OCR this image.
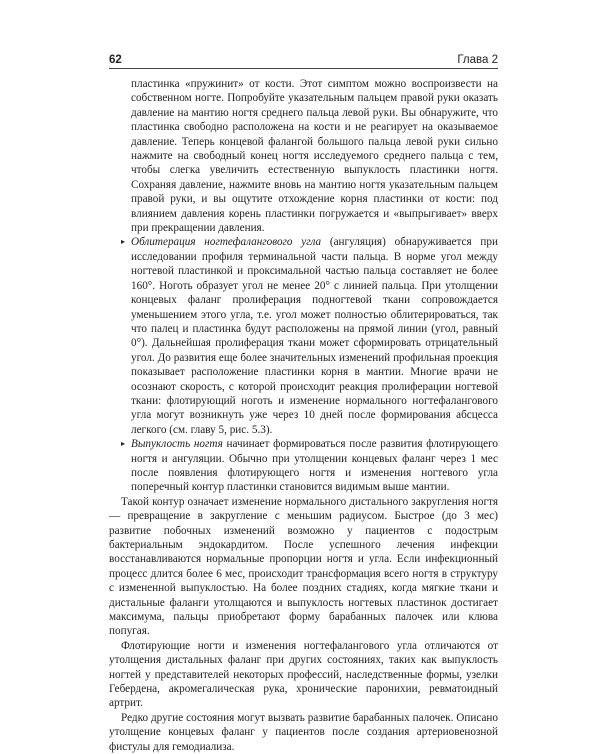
62	Глава 2

пластинка «пружинит» от кости. Этот симптом можно воспроизвести на собственном ногте. Попробуйте указательным пальцем правой руки оказать давление на мантию ногтя среднего пальца левой руки. Вы обнаружите, что пластинка свободно расположена на кости и не реагирует на оказываемое давление. Теперь концевой фалангой большого пальца левой руки сильно нажмите на свободный конец ногтя исследуемого среднего пальца с тем, чтобы слегка увеличить естественную выпуклость пластинки ногтя. Сохраняя давление, нажмите вновь на мантию ногтя указательным пальцем правой руки, и вы ощутите отхождение корня пластинки от кости: под влиянием давления корень пластинки погружается и «выпрыгивает» вверх при прекращении давления.

▸ Облитерация ногтефалангового угла (ангуляция) обнаруживается при исследовании профиля терминальной части пальца. В норме угол между ногтевой пластинкой и проксимальной частью пальца составляет не более 160°. Ноготь образует угол не менее 20° с линией пальца. При утолщении концевых фаланг пролиферация подногтевой ткани сопровождается уменьшением этого угла, т.е. угол может полностью облитерироваться, так что палец и пластинка будут расположены на прямой линии (угол, равный 0°). Дальнейшая пролиферация ткани может сформировать отрицательный угол. До развития еще более значительных изменений профильная проекция показывает расположение пластинки корня в мантии. Многие врачи не осознают скорость, с которой происходит реакция пролиферации ногтевой ткани: флотирующий ноготь и изменение нормального ногтефалангового угла могут возникнуть уже через 10 дней после формирования абсцесса легкого (см. главу 5, рис. 5.3).
▸ Выпуклость ногтя начинает формироваться после развития флотирующего ногтя и ангуляции. Обычно при утолщении концевых фаланг через 1 мес после появления флотирующего ногтя и изменения ногтевого угла поперечный контур пластинки становится видимым выше мантии.

Такой контур означает изменение нормального дистального закругления ногтя — превращение в закругление с меньшим радиусом. Быстрое (до 3 мес) развитие побочных изменений возможно у пациентов с подострым бактериальным эндокардитом. После успешного лечения инфекции восстанавливаются нормальные пропорции ногтя и угла. Если инфекционный процесс длится более 6 мес, происходит трансформация всего ногтя в структуру с измененной выпуклостью. На более поздних стадиях, когда мягкие ткани и дистальные фаланги утолщаются и выпуклость ногтевых пластинок достигает максимума, пальцы приобретают форму барабанных палочек или клюва попугая.

Флотирующие ногти и изменения ногтефалангового угла отличаются от утолщения дистальных фаланг при других состояниях, таких как выпуклость ногтей у представителей некоторых профессий, наследственные формы, узелки Гебердена, акромегалическая рука, хронические паронихии, ревматоидный артрит.

Редко другие состояния могут вызвать развитие барабанных палочек. Описано утолщение концевых фаланг у пациентов после создания артериовенозной фистулы для гемодиализа.
